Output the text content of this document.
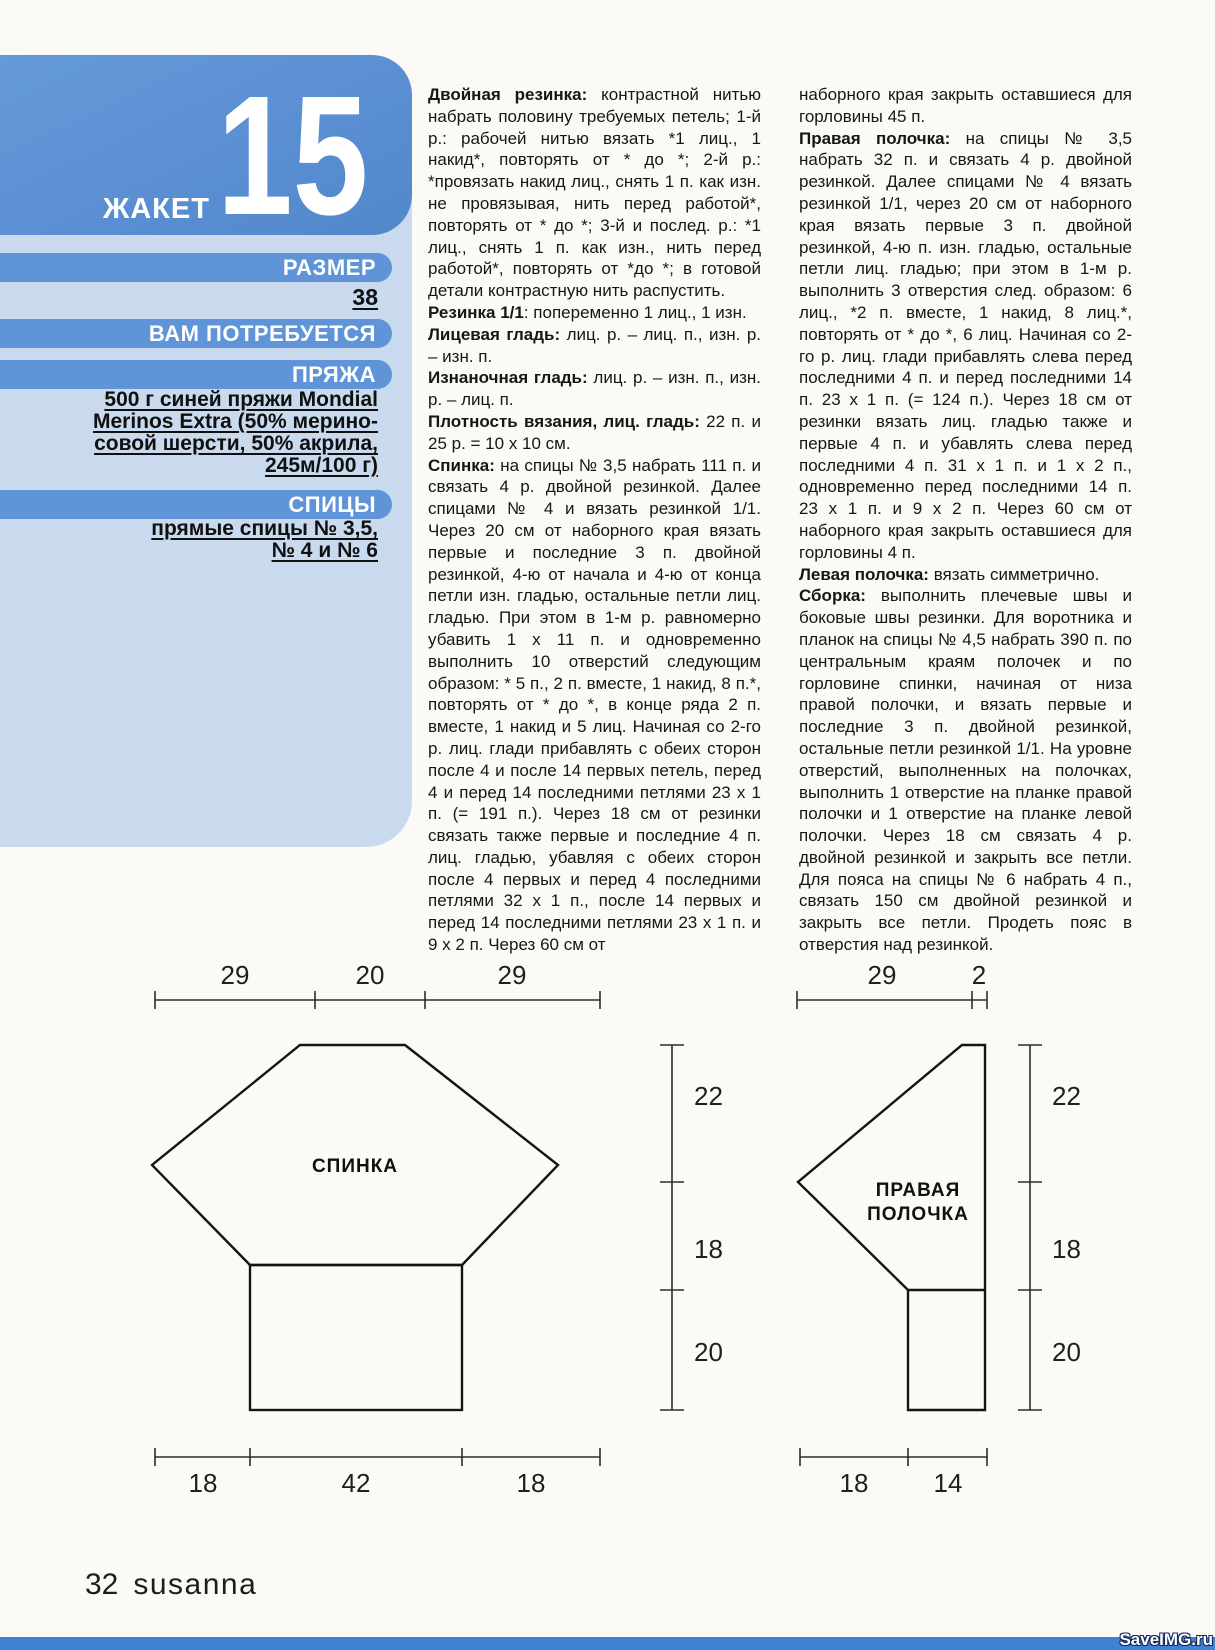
ЖАКЕТ 15
РАЗМЕР
38
ВАМ ПОТРЕБУЕТСЯ
ПРЯЖА
500 г синей пряжи Mondial
Merinos Extra (50% мерино-
совой шерсти, 50% акрила,
245м/100 г)
СПИЦЫ
прямые спицы № 3,5,
№ 4 и № 6

Двойная резинка: контрастной нитью набрать половину требуемых петель; 1-й р.: рабочей нитью вязать *1 лиц., 1 накид*, повторять от * до *; 2-й р.: *провязать накид лиц., снять 1 п. как изн. не провязывая, нить перед работой*, повторять от * до *; 3-й и послед. р.: *1 лиц., снять 1 п. как изн., нить перед работой*, повторять от *до *; в готовой детали контрастную нить распустить.

Резинка 1/1: попеременно 1 лиц., 1 изн.

Лицевая гладь: лиц. р. – лиц. п., изн. р. – изн. п.

Изнаночная гладь: лиц. р. – изн. п., изн. р. – лиц. п.

Плотность вязания, лиц. гладь: 22 п. и 25 р. = 10 х 10 см.

Спинка: на спицы № 3,5 набрать 111 п. и связать 4 р. двойной резинкой. Далее спицами № 4 и вязать резинкой 1/1. Через 20 см от наборного края вязать первые и последние 3 п. двойной резинкой, 4-ю от начала и 4-ю от конца петли изн. гладью, остальные петли лиц. гладью. При этом в 1-м р. равномерно убавить 1 х 11 п. и одновременно выполнить 10 отверстий следующим образом: * 5 п., 2 п. вместе, 1 накид, 8 п.*, повторять от * до *, в конце ряда 2 п. вместе, 1 накид и 5 лиц. Начиная со 2-го р. лиц. глади прибавлять с обеих сторон после 4 и после 14 первых петель, перед 4 и перед 14 последними петлями 23 х 1 п. (= 191 п.). Через 18 см от резинки связать также первые и последние 4 п. лиц. гладью, убавляя с обеих сторон после 4 первых и перед 4 последними петлями 32 х 1 п., после 14 первых и перед 14 последними петлями 23 х 1 п. и 9 х 2 п. Через 60 см от

наборного края закрыть оставшиеся для горловины 45 п.

Правая полочка: на спицы № 3,5 набрать 32 п. и связать 4 р. двойной резинкой. Далее спицами № 4 вязать резинкой 1/1, через 20 см от наборного края вязать первые 3 п. двойной резинкой, 4-ю п. изн. гладью, остальные петли лиц. гладью; при этом в 1-м р. выполнить 3 отверстия след. образом: 6 лиц., *2 п. вместе, 1 накид, 8 лиц.*, повторять от * до *, 6 лиц. Начиная со 2-го р. лиц. глади прибавлять слева перед последними 4 п. и перед последними 14 п. 23 х 1 п. (= 124 п.). Через 18 см от резинки вязать лиц. гладью также и первые 4 п. и убавлять слева перед последними 4 п. 31 х 1 п. и 1 х 2 п., одновременно перед последними 14 п. 23 х 1 п. и 9 х 2 п. Через 60 см от наборного края закрыть оставшиеся для горловины 4 п.

Левая полочка: вязать симметрично.

Сборка: выполнить плечевые швы и боковые швы резинки. Для воротника и планок на спицы № 4,5 набрать 390 п. по центральным краям полочек и по горловине спинки, начиная от низа правой полочки, и вязать первые и последние 3 п. двойной резинкой, остальные петли резинкой 1/1. На уровне отверстий, выполненных на полочках, выполнить 1 отверстие на планке правой полочки и 1 отверстие на планке левой полочки. Через 18 см связать 4 р. двойной резинкой и закрыть все петли. Для пояса на спицы № 6 набрать 4 п., связать 150 см двойной резинкой и закрыть все петли. Продеть пояс в отверстия над резинкой.

29	20	29
СПИНКА
22
18
20
18	42	18
29	2
ПРАВАЯ
ПОЛОЧКА
22
18
20
18	14
32 susanna
SaveIMG.ru
